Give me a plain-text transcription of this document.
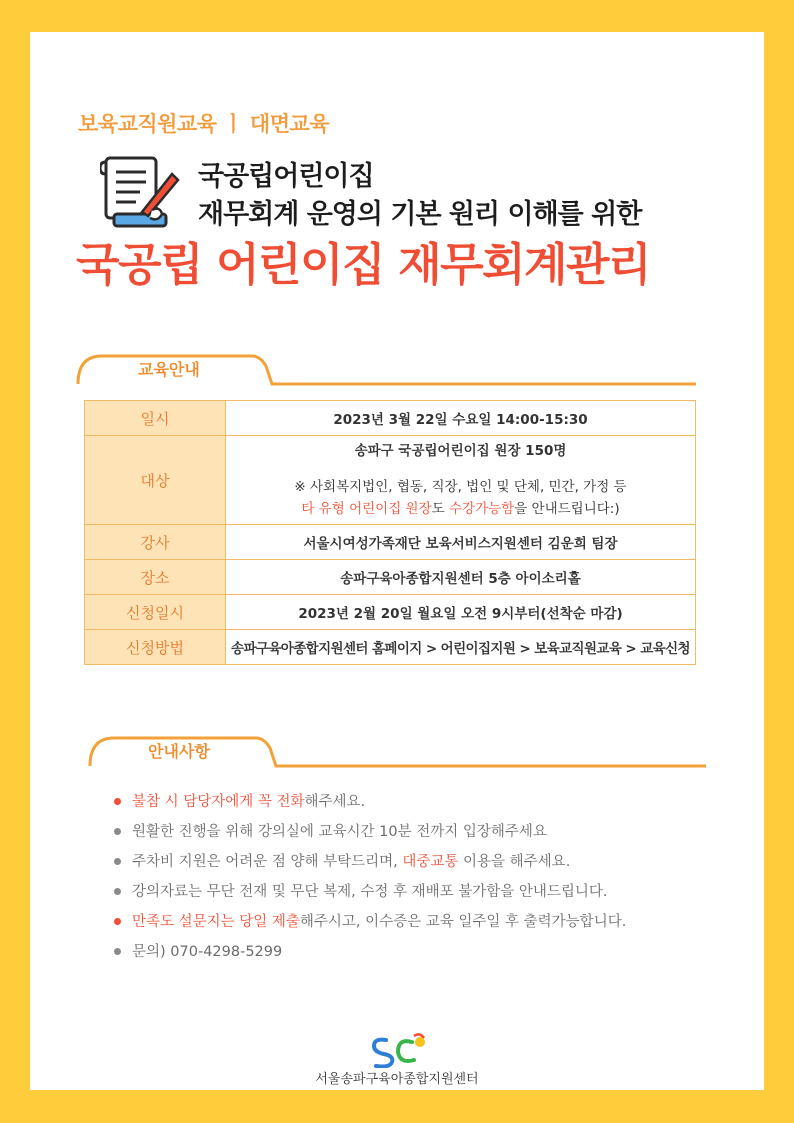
보육교직원교육 ㅣ 대면교육
국공립어린이집
재무회계 운영의 기본 원리 이해를 위한
국공립 어린이집 재무회계관리
교육안내
일시	2023년 3월 22일 수요일 14:00-15:30
대상	송파구 국공립어린이집 원장 150명
※ 사회복지법인, 협동, 직장, 법인 및 단체, 민간, 가정 등
타 유형 어린이집 원장도 수강가능함을 안내드립니다:)

강사	서울시여성가족재단 보육서비스지원센터 김운희 팀장
장소	송파구육아종합지원센터 5층 아이소리홀
신청일시	2023년 2월 20일 월요일 오전 9시부터(선착순 마감)
신청방법	송파구육아종합지원센터 홈페이지 > 어린이집지원 > 보육교직원교육 > 교육신청
안내사항
불참 시 담당자에게 꼭 전화해주세요.
원활한 진행을 위해 강의실에 교육시간 10분 전까지 입장해주세요
주차비 지원은 어려운 점 양해 부탁드리며, 대중교통 이용을 해주세요.
강의자료는 무단 전재 및 무단 복제, 수정 후 재배포 불가함을 안내드립니다.
만족도 설문지는 당일 제출해주시고, 이수증은 교육 일주일 후 출력가능합니다.
문의) 070-4298-5299
서울송파구육아종합지원센터
